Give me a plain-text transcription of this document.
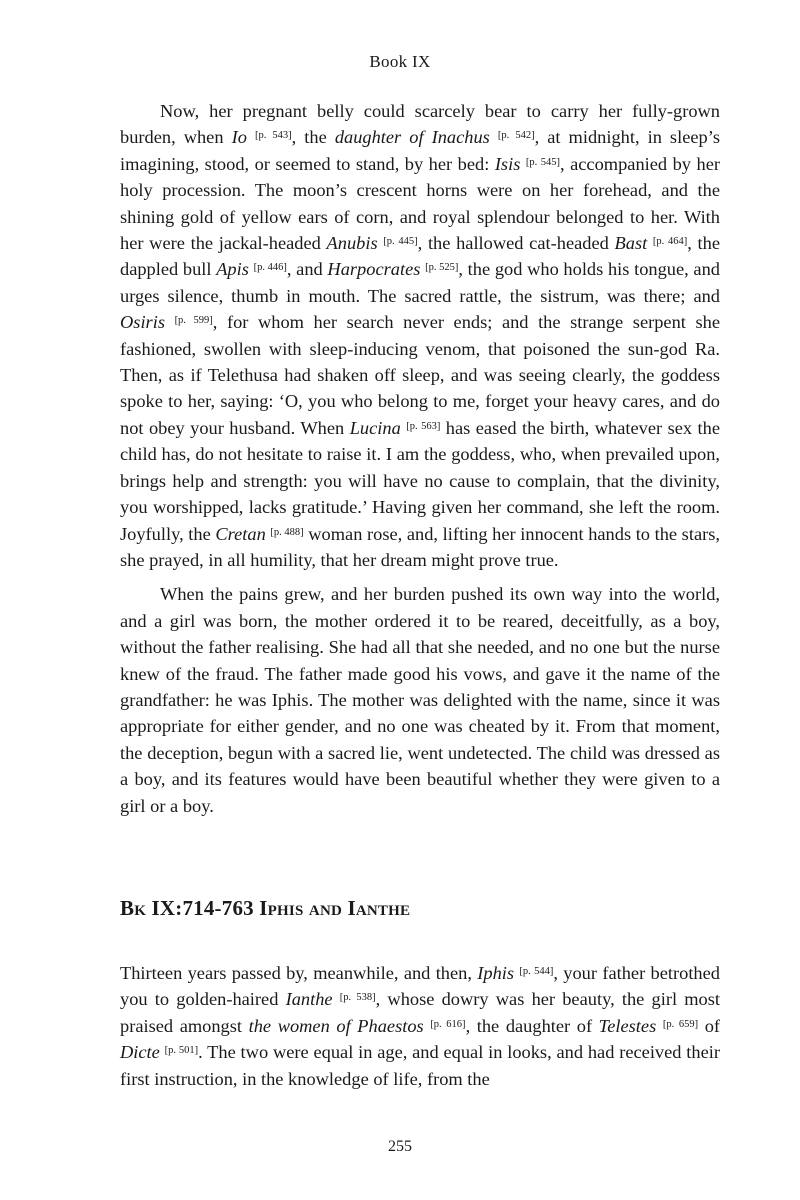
Book IX

Now, her pregnant belly could scarcely bear to carry her fully-grown burden, when Io [p. 543], the daughter of Inachus [p. 542], at midnight, in sleep’s imagining, stood, or seemed to stand, by her bed: Isis [p. 545], accompanied by her holy procession. The moon’s crescent horns were on her forehead, and the shining gold of yellow ears of corn, and royal splendour belonged to her. With her were the jackal-headed Anubis [p. 445], the hallowed cat-headed Bast [p. 464], the dappled bull Apis [p. 446], and Harpocrates [p. 525], the god who holds his tongue, and urges silence, thumb in mouth. The sacred rattle, the sistrum, was there; and Osiris [p. 599], for whom her search never ends; and the strange serpent she fashioned, swollen with sleep-inducing venom, that poisoned the sun-god Ra. Then, as if Telethusa had shaken off sleep, and was seeing clearly, the goddess spoke to her, saying: ‘O, you who belong to me, forget your heavy cares, and do not obey your husband. When Lucina [p. 563] has eased the birth, whatever sex the child has, do not hesitate to raise it. I am the goddess, who, when prevailed upon, brings help and strength: you will have no cause to complain, that the divinity, you worshipped, lacks gratitude.’ Having given her command, she left the room. Joyfully, the Cretan [p. 488] woman rose, and, lifting her innocent hands to the stars, she prayed, in all humility, that her dream might prove true.

When the pains grew, and her burden pushed its own way into the world, and a girl was born, the mother ordered it to be reared, deceitfully, as a boy, without the father realising. She had all that she needed, and no one but the nurse knew of the fraud. The father made good his vows, and gave it the name of the grandfather: he was Iphis. The mother was delighted with the name, since it was appropriate for either gender, and no one was cheated by it. From that moment, the deception, begun with a sacred lie, went undetected. The child was dressed as a boy, and its features would have been beautiful whether they were given to a girl or a boy.

Bk IX:714-763 Iphis and Ianthe

Thirteen years passed by, meanwhile, and then, Iphis [p. 544], your father betrothed you to golden-haired Ianthe [p. 538], whose dowry was her beauty, the girl most praised amongst the women of Phaestos [p. 616], the daughter of Telestes [p. 659] of Dicte [p. 501]. The two were equal in age, and equal in looks, and had received their first instruction, in the knowledge of life, from the

255
